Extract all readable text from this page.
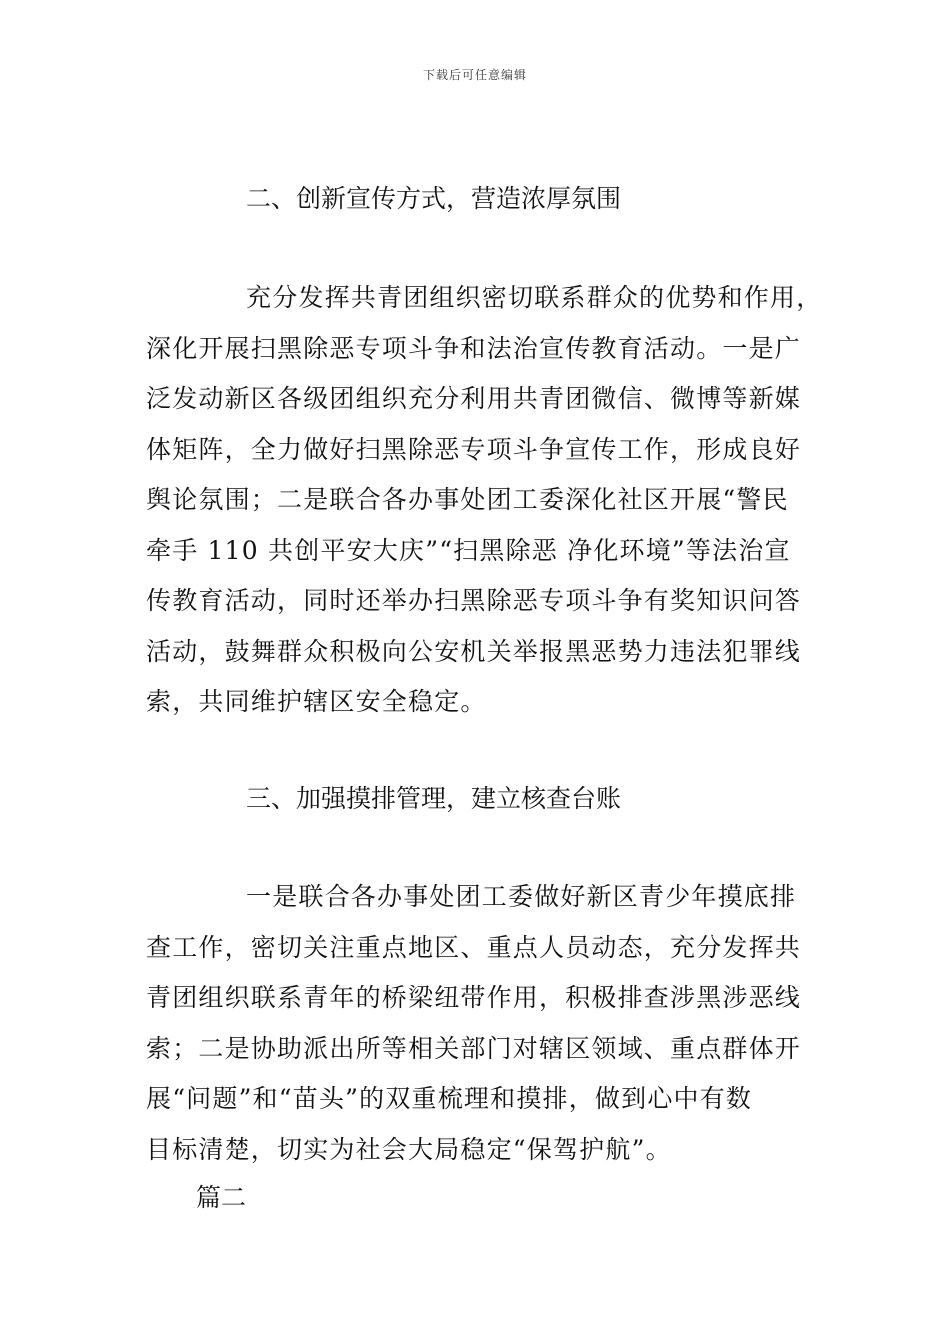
下载后可任意编辑
二、创新宣传方式，营造浓厚氛围
充分发挥共青团组织密切联系群众的优势和作用，
深化开展扫黑除恶专项斗争和法治宣传教育活动。一是广
泛发动新区各级团组织充分利用共青团微信、微博等新媒
体矩阵，全力做好扫黑除恶专项斗争宣传工作，形成良好
舆论氛围；二是联合各办事处团工委深化社区开展“警民
牵手 110 共创平安大庆”“扫黑除恶 净化环境”等法治宣
传教育活动，同时还举办扫黑除恶专项斗争有奖知识问答
活动，鼓舞群众积极向公安机关举报黑恶势力违法犯罪线
索，共同维护辖区安全稳定。
三、加强摸排管理，建立核查台账
一是联合各办事处团工委做好新区青少年摸底排
查工作，密切关注重点地区、重点人员动态，充分发挥共
青团组织联系青年的桥梁纽带作用，积极排查涉黑涉恶线
索；二是协助派出所等相关部门对辖区领域、重点群体开
展“问题”和“苗头”的双重梳理和摸排，做到心中有数
目标清楚，切实为社会大局稳定“保驾护航”。
篇二
